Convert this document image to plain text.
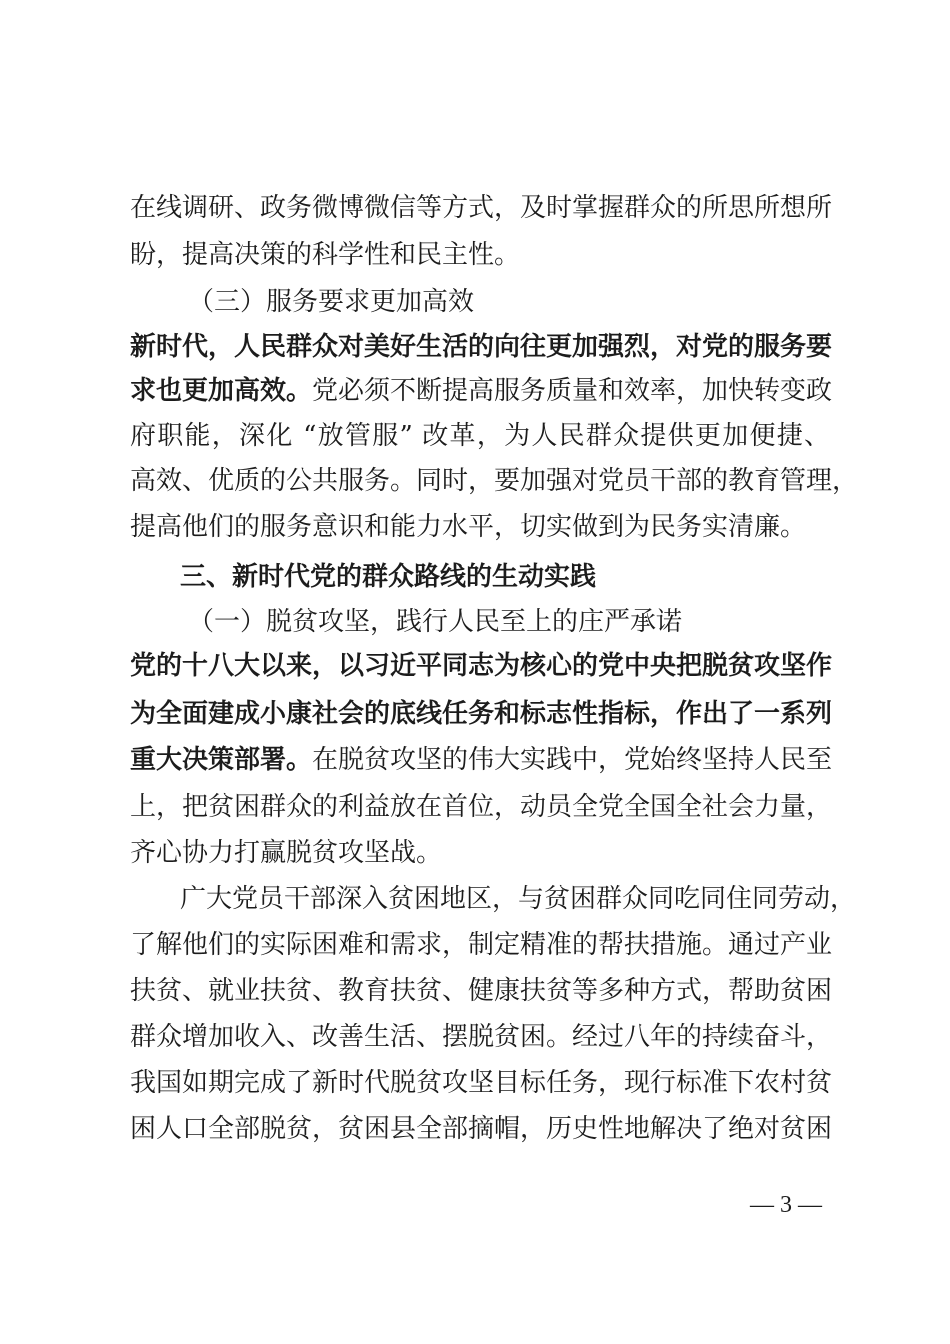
在线调研、政务微博微信等方式，及时掌握群众的所思所想所
盼，提高决策的科学性和民主性。
（三）服务要求更加高效
新时代，人民群众对美好生活的向往更加强烈，对党的服务要
求也更加高效。党必须不断提高服务质量和效率，加快转变政
府职能，深化 “放管服” 改革，为人民群众提供更加便捷、
高效、优质的公共服务。同时，要加强对党员干部的教育管理，
提高他们的服务意识和能力水平，切实做到为民务实清廉。
三、新时代党的群众路线的生动实践
（一）脱贫攻坚，践行人民至上的庄严承诺
党的十八大以来，以习近平同志为核心的党中央把脱贫攻坚作
为全面建成小康社会的底线任务和标志性指标，作出了一系列
重大决策部署。在脱贫攻坚的伟大实践中，党始终坚持人民至
上，把贫困群众的利益放在首位，动员全党全国全社会力量，
齐心协力打赢脱贫攻坚战。
广大党员干部深入贫困地区，与贫困群众同吃同住同劳动，
了解他们的实际困难和需求，制定精准的帮扶措施。通过产业
扶贫、就业扶贫、教育扶贫、健康扶贫等多种方式，帮助贫困
群众增加收入、改善生活、摆脱贫困。经过八年的持续奋斗，
我国如期完成了新时代脱贫攻坚目标任务，现行标准下农村贫
困人口全部脱贫，贫困县全部摘帽，历史性地解决了绝对贫困
— 3 —
